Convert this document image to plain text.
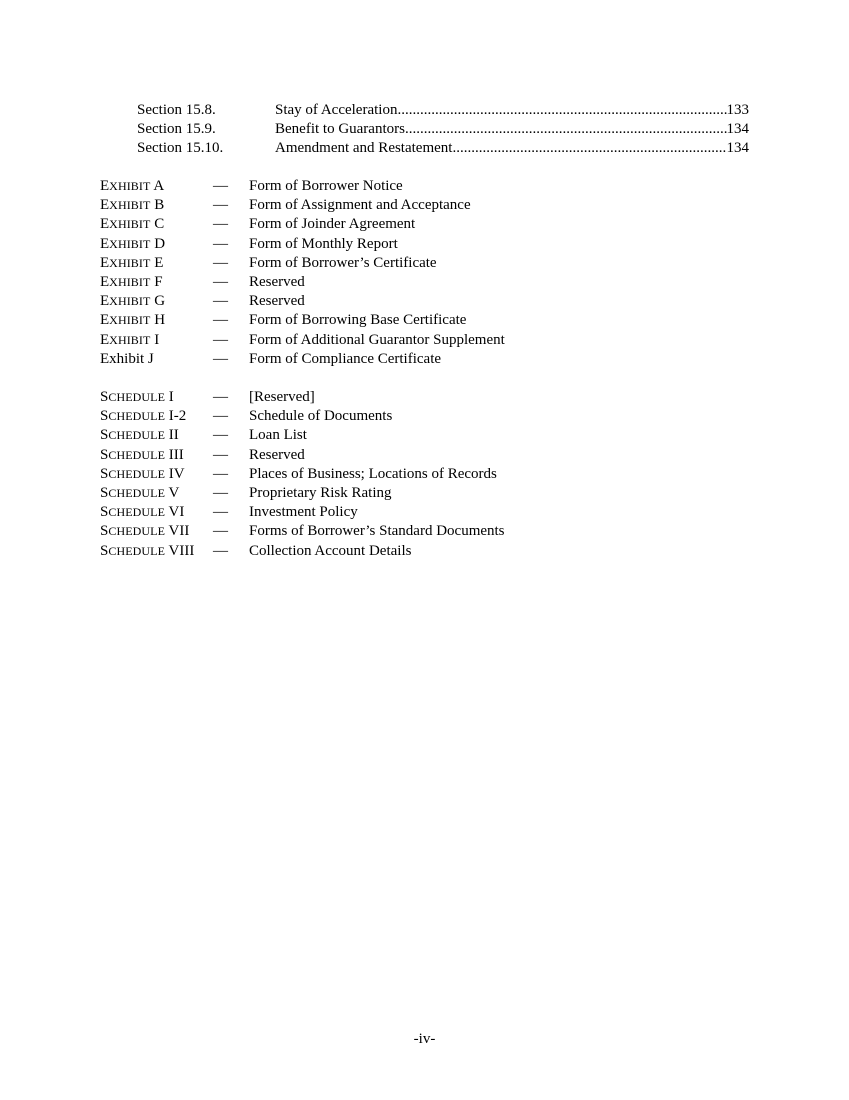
Section 15.8.	Stay of Acceleration .....	133
Section 15.9.	Benefit to Guarantors .....	134
Section 15.10.	Amendment and Restatement .....	134
EXHIBIT A	—	Form of Borrower Notice
EXHIBIT B	—	Form of Assignment and Acceptance
EXHIBIT C	—	Form of Joinder Agreement
EXHIBIT D	—	Form of Monthly Report
EXHIBIT E	—	Form of Borrower’s Certificate
EXHIBIT F	—	Reserved
EXHIBIT G	—	Reserved
EXHIBIT H	—	Form of Borrowing Base Certificate
EXHIBIT I	—	Form of Additional Guarantor Supplement
Exhibit J	—	Form of Compliance Certificate
SCHEDULE I	—	[Reserved]
SCHEDULE I-2	—	Schedule of Documents
SCHEDULE II	—	Loan List
SCHEDULE III	—	Reserved
SCHEDULE IV	—	Places of Business; Locations of Records
SCHEDULE V	—	Proprietary Risk Rating
SCHEDULE VI	—	Investment Policy
SCHEDULE VII	—	Forms of Borrower’s Standard Documents
SCHEDULE VIII	—	Collection Account Details
-iv-
